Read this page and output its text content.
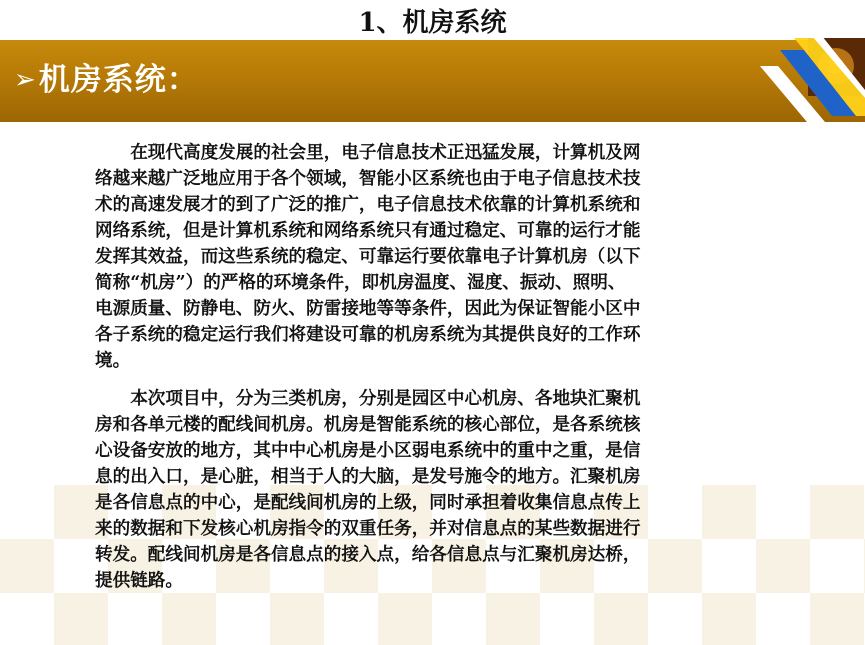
1、机房系统
➢机房系统：

在现代高度发展的社会里，电子信息技术正迅猛发展，计算机及网
络越来越广泛地应用于各个领域，智能小区系统也由于电子信息技术技
术的高速发展才的到了广泛的推广，电子信息技术依靠的计算机系统和
网络系统，但是计算机系统和网络系统只有通过稳定、可靠的运行才能
发挥其效益，而这些系统的稳定、可靠运行要依靠电子计算机房（以下
简称“机房”）的严格的环境条件，即机房温度、湿度、振动、照明、
电源质量、防静电、防火、防雷接地等等条件，因此为保证智能小区中
各子系统的稳定运行我们将建设可靠的机房系统为其提供良好的工作环
境。

本次项目中，分为三类机房，分别是园区中心机房、各地块汇聚机
房和各单元楼的配线间机房。机房是智能系统的核心部位，是各系统核
心设备安放的地方，其中中心机房是小区弱电系统中的重中之重，是信
息的出入口，是心脏，相当于人的大脑，是发号施令的地方。汇聚机房
是各信息点的中心，是配线间机房的上级，同时承担着收集信息点传上
来的数据和下发核心机房指令的双重任务，并对信息点的某些数据进行
转发。配线间机房是各信息点的接入点，给各信息点与汇聚机房达桥，
提供链路。
